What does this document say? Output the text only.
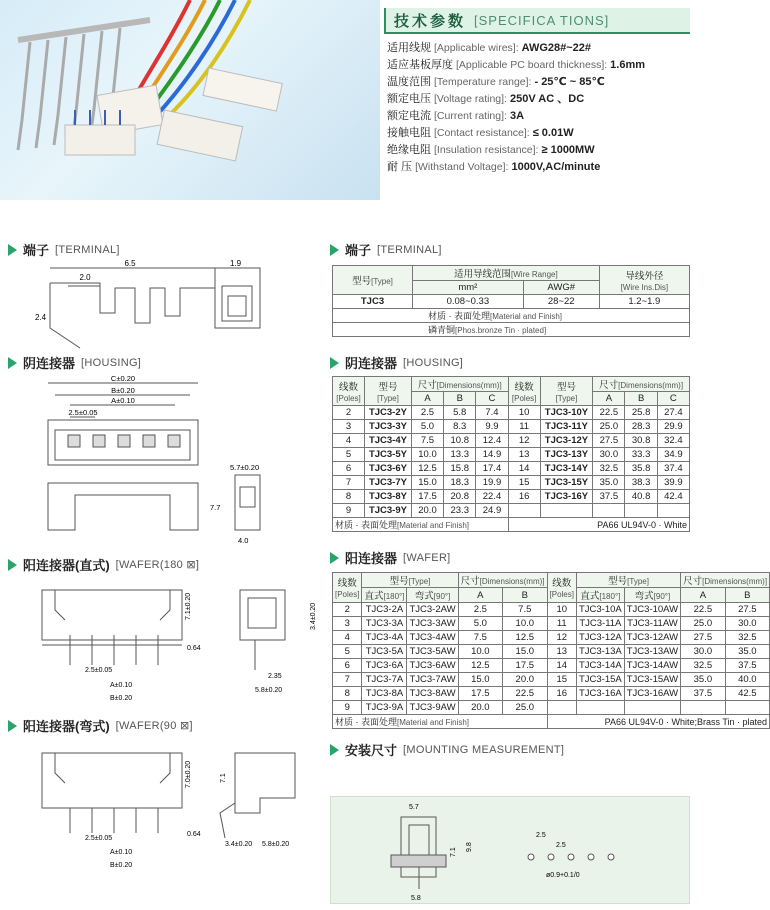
技术参数 [SPECIFICA TIONS]
适用线规 [Applicable wires]: AWG28#~22#
适应基板厚度 [Applicable PC board thickness]: 1.6mm
温度范围 [Temperature range]: - 25℃ ~ 85℃
额定电压 [Voltage rating]: 250V AC 、DC
额定电流 [Current rating]: 3A
接触电阻 [Contact resistance]: ≤ 0.01W
绝缘电阻 [Insulation resistance]: ≥ 1000MW
耐 压 [Withstand Voltage]: 1000V,AC/minute
端子 [TERMINAL]
阴连接器 [HOUSING]
阳连接器(直式) [WAFER(180 ⊠]
阳连接器(弯式) [WAFER(90 ⊠]
端子 [TERMINAL]
阴连接器 [HOUSING]
阳连接器 [WAFER]
安装尺寸 [MOUNTING MEASUREMENT]
型号[Type]	适用导线范围[Wire Range]		导线外径
[Wire Ins.Dis]
	mm²	AWG#	
TJC3	0.08~0.33	28~22	1.2~1.9
材质 · 表面处理[Material and Finish]			
磷青铜[Phos.bronze Tin · plated]			
线数
[Poles]	型号
[Type]	尺寸[Dimensions(mm)]			线数
[Poles]	型号
[Type]	尺寸[Dimensions(mm)]		
		A	B	C			A	B	C
2	TJC3-2Y	2.5	5.8	7.4	10	TJC3-10Y	22.5	25.8	27.4
3	TJC3-3Y	5.0	8.3	9.9	11	TJC3-11Y	25.0	28.3	29.9
4	TJC3-4Y	7.5	10.8	12.4	12	TJC3-12Y	27.5	30.8	32.4
5	TJC3-5Y	10.0	13.3	14.9	13	TJC3-13Y	30.0	33.3	34.9
6	TJC3-6Y	12.5	15.8	17.4	14	TJC3-14Y	32.5	35.8	37.4
7	TJC3-7Y	15.0	18.3	19.9	15	TJC3-15Y	35.0	38.3	39.9
8	TJC3-8Y	17.5	20.8	22.4	16	TJC3-16Y	37.5	40.8	42.4
9	TJC3-9Y	20.0	23.3	24.9					
材质 · 表面处理[Material and Finish]					PA66 UL94V-0 · White				
线数
[Poles]	型号[Type]		尺寸[Dimensions(mm)]		线数
[Poles]	型号[Type]		尺寸[Dimensions(mm)]	
	直式[180°]	弯式[90°]	A	B		直式[180°]	弯式[90°]	A	B
2	TJC3-2A	TJC3-2AW	2.5	7.5	10	TJC3-10A	TJC3-10AW	22.5	27.5
3	TJC3-3A	TJC3-3AW	5.0	10.0	11	TJC3-11A	TJC3-11AW	25.0	30.0
4	TJC3-4A	TJC3-4AW	7.5	12.5	12	TJC3-12A	TJC3-12AW	27.5	32.5
5	TJC3-5A	TJC3-5AW	10.0	15.0	13	TJC3-13A	TJC3-13AW	30.0	35.0
6	TJC3-6A	TJC3-6AW	12.5	17.5	14	TJC3-14A	TJC3-14AW	32.5	37.5
7	TJC3-7A	TJC3-7AW	15.0	20.0	15	TJC3-15A	TJC3-15AW	35.0	40.0
8	TJC3-8A	TJC3-8AW	17.5	22.5	16	TJC3-16A	TJC3-16AW	37.5	42.5
9	TJC3-9A	TJC3-9AW	20.0	25.0					
材质 · 表面处理[Material and Finish]					PA66 UL94V-0 · White;Brass Tin · plated				
6.5
2.0
2.4
1.9
C±0.20
B±0.20
A±0.10
2.5±0.05
5.7±0.20
7.7
4.0
7.1±0.20	3.4±0.20
0.64
2.5±0.05
A±0.10
B±0.20
2.35
5.8±0.20
7.0±0.20	7.1
0.64
2.5±0.05
A±0.10
B±0.20
3.4±0.20 5.8±0.20
5.7
9.8
7.1
5.8
2.5
2.5
ø0.9+0.1/0
